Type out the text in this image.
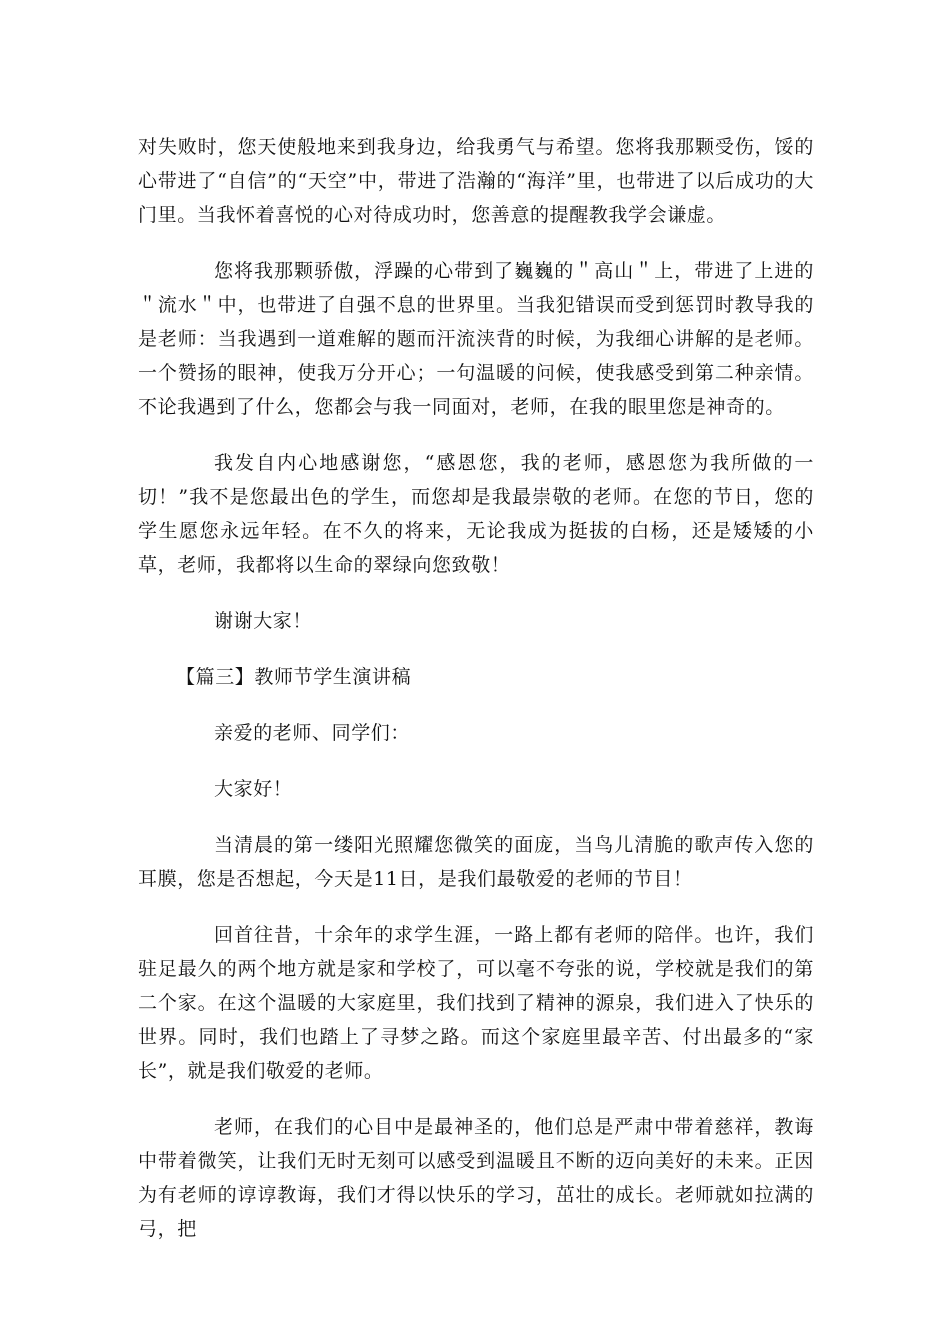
对失败时，您天使般地来到我身边，给我勇气与希望。您将我那颗受伤，馁的心带进了“自信”的“天空”中，带进了浩瀚的“海洋”里，也带进了以后成功的大门里。当我怀着喜悦的心对待成功时，您善意的提醒教我学会谦虚。

您将我那颗骄傲，浮躁的心带到了巍巍的＂高山＂上，带进了上进的＂流水＂中，也带进了自强不息的世界里。当我犯错误而受到惩罚时教导我的是老师：当我遇到一道难解的题而汗流浃背的时候，为我细心讲解的是老师。一个赞扬的眼神，使我万分开心；一句温暖的问候，使我感受到第二种亲情。不论我遇到了什么，您都会与我一同面对，老师，在我的眼里您是神奇的。

我发自内心地感谢您，“感恩您，我的老师，感恩您为我所做的一切！”我不是您最出色的学生，而您却是我最崇敬的老师。在您的节日，您的学生愿您永远年轻。在不久的将来，无论我成为挺拔的白杨，还是矮矮的小草，老师，我都将以生命的翠绿向您致敬！

谢谢大家！

【篇三】教师节学生演讲稿

亲爱的老师、同学们：

大家好！

当清晨的第一缕阳光照耀您微笑的面庞，当鸟儿清脆的歌声传入您的耳膜，您是否想起，今天是11日，是我们最敬爱的老师的节目！

回首往昔，十余年的求学生涯，一路上都有老师的陪伴。也许，我们驻足最久的两个地方就是家和学校了，可以毫不夸张的说，学校就是我们的第二个家。在这个温暖的大家庭里，我们找到了精神的源泉，我们进入了快乐的世界。同时，我们也踏上了寻梦之路。而这个家庭里最辛苦、付出最多的“家长”，就是我们敬爱的老师。

老师，在我们的心目中是最神圣的，他们总是严肃中带着慈祥，教诲中带着微笑，让我们无时无刻可以感受到温暖且不断的迈向美好的未来。正因为有老师的谆谆教诲，我们才得以快乐的学习，茁壮的成长。老师就如拉满的弓，把
